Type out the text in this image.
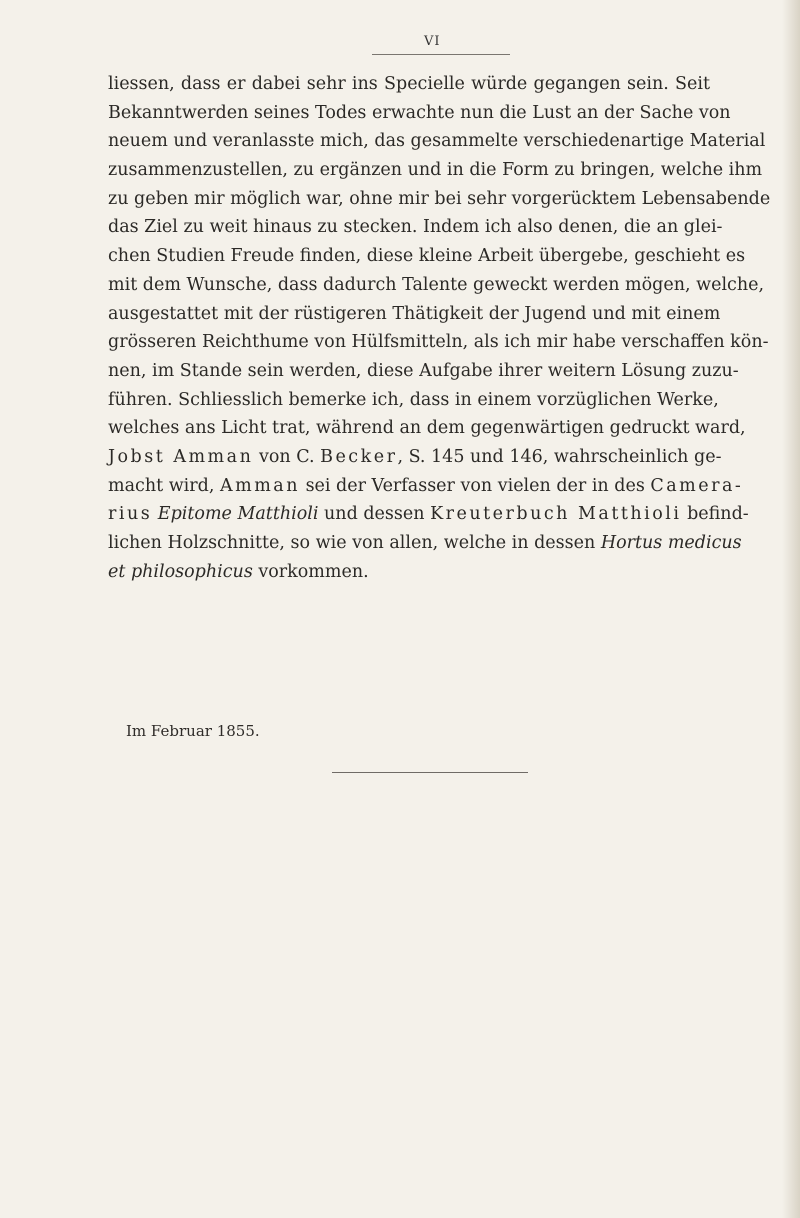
VI
liessen, dass er dabei sehr ins Specielle würde gegangen sein. Seit
Bekanntwerden seines Todes erwachte nun die Lust an der Sache von
neuem und veranlasste mich, das gesammelte verschiedenartige Material
zusammenzustellen, zu ergänzen und in die Form zu bringen, welche ihm
zu geben mir möglich war, ohne mir bei sehr vorgerücktem Lebensabende
das Ziel zu weit hinaus zu stecken. Indem ich also denen, die an glei-
chen Studien Freude finden, diese kleine Arbeit übergebe, geschieht es
mit dem Wunsche, dass dadurch Talente geweckt werden mögen, welche,
ausgestattet mit der rüstigeren Thätigkeit der Jugend und mit einem
grösseren Reichthume von Hülfsmitteln, als ich mir habe verschaffen kön-
nen, im Stande sein werden, diese Aufgabe ihrer weitern Lösung zuzu-
führen. Schliesslich bemerke ich, dass in einem vorzüglichen Werke,
welches ans Licht trat, während an dem gegenwärtigen gedruckt ward,
Jobst Amman von C. Becker, S. 145 und 146, wahrscheinlich ge-
macht wird, Amman sei der Verfasser von vielen der in des Camera-
rius Epitome Matthioli und dessen Kreuterbuch Matthioli befind-
lichen Holzschnitte, so wie von allen, welche in dessen Hortus medicus
et philosophicus vorkommen.
Im Februar 1855.
